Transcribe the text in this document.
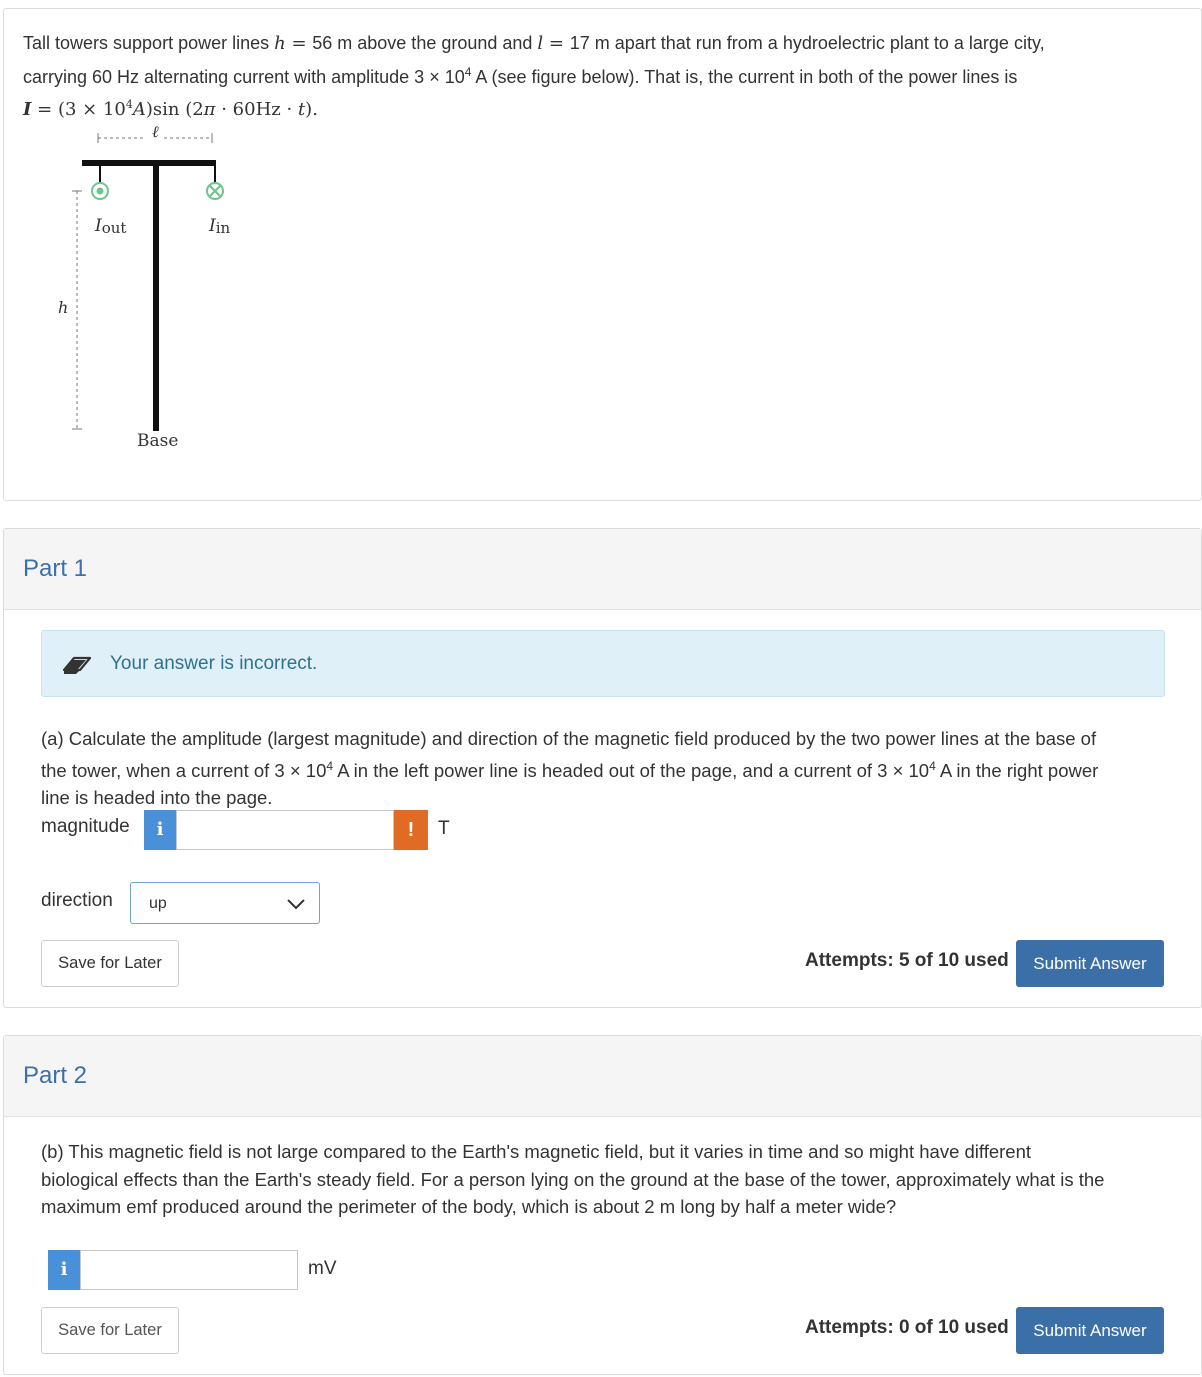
Tall towers support power lines h = 56 m above the ground and l = 17 m apart that run from a hydroelectric plant to a large city,
carrying 60 Hz alternating current with amplitude $3 \times 10^4$ A (see figure below). That is, the current in both of the power lines is
$I = (3 \times 10^4A)\sin$ (2π · 60Hz · t).
ℓ
Iout	Iin
h
Base
Part 1
Your answer is incorrect.
(a) Calculate the amplitude (largest magnitude) and direction of the magnetic field produced by the two power lines at the base of
the tower, when a current of $3 \times 10^4$ A in the left power line is headed out of the page, and a current of $3 \times 10^4$ A in the right power
line is headed into the page.
magnitude	i	!	T
direction up
Save for Later	Attempts: 5 of 10 used	Submit Answer
Part 2
(b) This magnetic field is not large compared to the Earth's magnetic field, but it varies in time and so might have different
biological effects than the Earth's steady field. For a person lying on the ground at the base of the tower, approximately what is the
maximum emf produced around the perimeter of the body, which is about 2 m long by half a meter wide?
i	mV
Save for Later	Attempts: 0 of 10 used	Submit Answer
